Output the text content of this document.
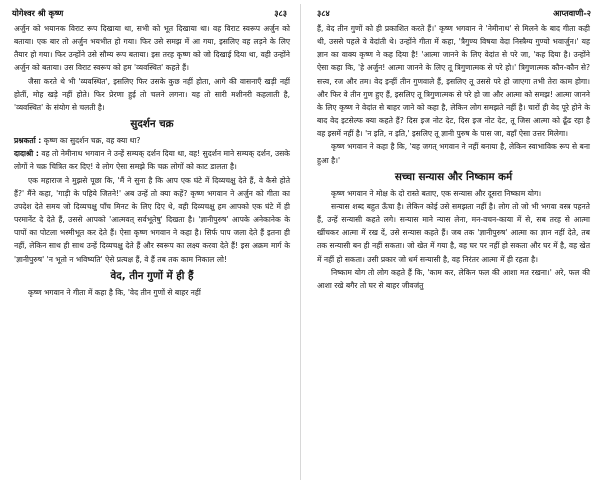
योगेश्वर श्री कृष्ण	३८३

अर्जुन को भयानक विराट रूप दिखाया था, सभी को भूत दिखाया था। वह विराट स्वरूप अर्जुन को बताया। एक बार तो अर्जुन भयभीत हो गया। फिर उसे समझ में आ गया, इसलिए वह लड़ने के लिए तैयार हो गया। फिर उन्होंने उसे सौम्य रूप बताया। इस तरह कृष्ण को जो दिखाई दिया था, वही उन्होंने अर्जुन को बताया। उस विराट स्वरूप को हम 'व्यवस्थित' कहते हैं।

जैसा करते थे भी 'व्यवस्थित', इसलिए फिर उसके कुछ नहीं होता, आगे की वासनाएँ खड़ी नहीं होतीं, मोह खड़े नहीं होते। फिर प्रेरणा हुई तो चलने लगना। यह तो सारी मशीनरी कहलाती है, 'व्यवस्थित' के संयोग से चलती है।

सुदर्शन चक्र

प्रश्नकर्ता : कृष्ण का सुदर्शन चक्र, वह क्या था?

दादाश्री : वह तो नेमीनाथ भगवान ने उन्हें सम्यक् दर्शन दिया था, वह! सुदर्शन माने सम्यक् दर्शन, उसके लोगों ने चक्र चित्रित कर दिए! वे लोग ऐसा समझे कि चक्र लोगों को काट डालता है।

एक महाराज ने मुझसे पूछा कि, 'मैं ने सुना है कि आप एक घंटे में दिव्यचक्षु देते हैं, वे कैसे होते हैं?' मैंने कहा, 'गाड़ी के पहिये जितने!' अब उन्हें तो क्या कहें? कृष्ण भगवान ने अर्जुन को गीता का उपदेश देते समय जो दिव्यचक्षु पाँच मिनट के लिए दिए थे, वही दिव्यचक्षु हम आपको एक घंटे में ही परमानेंट दे देते हैं, उससे आपको 'आत्मवत् सर्वभूतेषु' दिखता है। 'ज्ञानीपुरुष' आपके अनेकानेक के पापों का पोटला भस्मीभूत कर देते हैं। ऐसा कृष्ण भगवान ने कहा है। सिर्फ पाप जला देते हैं इतना ही नहीं, लेकिन साथ ही साथ उन्हें दिव्यचक्षु देते हैं और स्वरूप का लक्ष्य करवा देते हैं! इस अक्रम मार्ग के 'ज्ञानीपुरुष' 'न भूतो न भविष्यति' ऐसे प्रत्यक्ष हैं, वे हैं तब तक काम निकाल लो!

वेद, तीन गुणों में ही हैं

कृष्ण भगवान ने गीता में कहा है कि, 'वेद तीन गुणों से बाहर नहीं

३८४	आप्तवाणी-२

हैं, वेद तीन गुणों को ही प्रकाशित करते हैं।' कृष्ण भगवान ने 'नेमीनाथ' से मिलने के बाद गीता कही थी, उससे पहले वे वेदांती थे। उन्होंने गीता में कहा, 'त्रैगुण्य विषया वेदा निस्त्रैग्य गुण्यो भवार्जुन।' यह ज्ञान का वाक्य कृष्ण ने कह दिया है! 'आत्मा जानने के लिए वेदांत से परे जा, 'कह दिया है। उन्होंने ऐसा कहा कि, 'हे अर्जुन! आत्मा जानने के लिए तू त्रिगुणात्मक से परे हो।' त्रिगुणात्मक कौन-कौन से? सत्त्व, रज और तम। वेद इन्हीं तीन गुणवाले हैं, इसलिए तू उससे परे हो जाएगा तभी तेरा काम होगा। और फिर वे तीन गुण हुए हैं, इसलिए तू त्रिगुणात्मक से परे हो जा और आत्मा को समझ! आत्मा जानने के लिए कृष्ण ने वेदांत से बाहर जाने को कहा है, लेकिन लोग समझते नहीं है। चारों ही वेद पूरे होने के बाद वेद इटसेल्फ क्या कहते हैं? दिस इज नोट देट, दिस इज नोट देट, तू जिस आत्मा को ढूँढ रहा है वह इसमें नहीं है। 'न इति, न इति,' इसलिए तू ज्ञानी पुरुष के पास जा, वहाँ ऐसा उत्तर मिलेगा।

कृष्ण भगवान ने कहा है कि, 'यह जगत् भगवान ने नहीं बनाया है, लेकिन स्वाभाविक रूप से बना हुआ है।'

सच्चा सन्यास और निष्काम कर्म

कृष्ण भगवान ने मोक्ष के दो रास्ते बताए, एक सन्यास और दूसरा निष्काम योग।

सन्यास शब्द बहुत ऊँचा है। लेकिन कोई उसे समझता नहीं है। लोग तो जो भी भगवा वस्त्र पहनते हैं, उन्हें सन्यासी कहते लगे। सन्यास माने न्यास लेना, मन-वचन-काया में से, सब तरह से आत्मा खींचकर आत्मा में रख दें, उसे सन्यास कहते हैं। जब तक 'ज्ञानीपुरुष' आत्मा का ज्ञान नहीं देते, तब तक सन्यासी बन ही नहीं सकता। जो खेत में गया है, वह घर पर नहीं हो सकता और घर में है, वह खेत में नहीं हो सकता। उसी प्रकार जो धर्म सन्यासी है, वह निरंतर आत्मा में ही रहता है।

निष्काम योग तो लोग कहते हैं कि, 'काम कर, लेकिन फल की आशा मत रखना।' अरे, फल की आशा रखे बगैर तो घर से बाहर जीवजंतु
